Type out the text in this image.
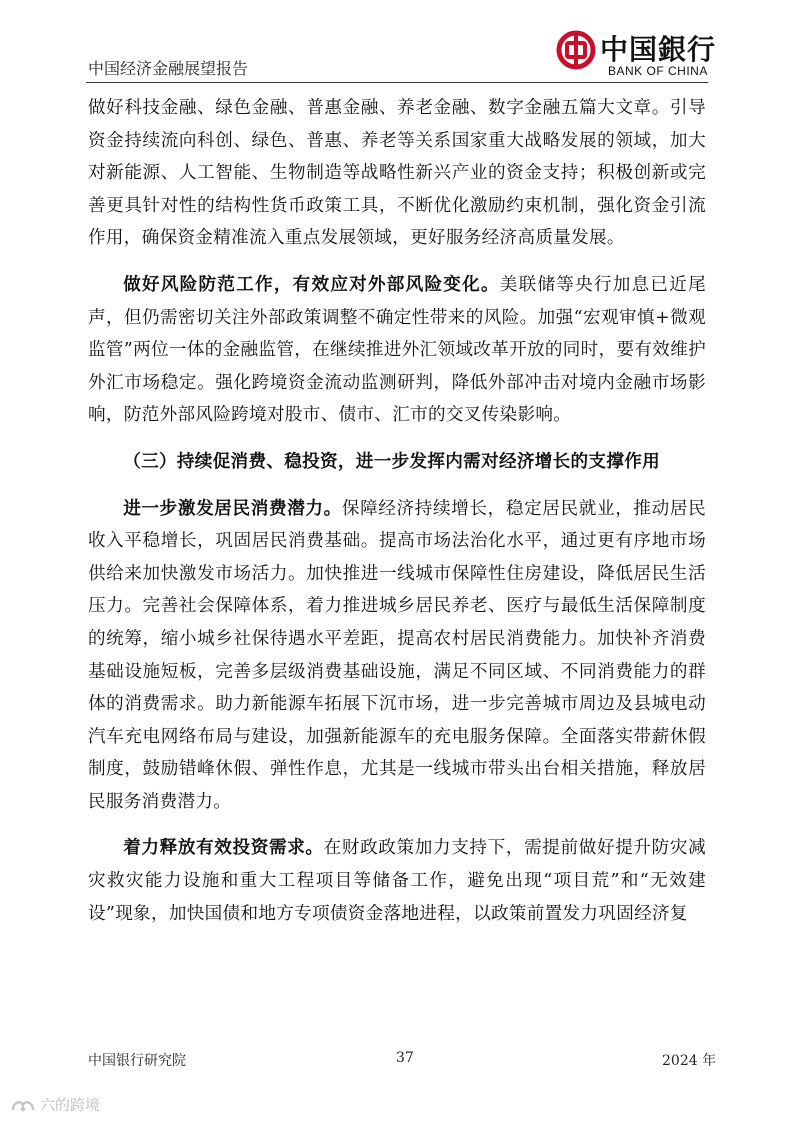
中国经济金融展望报告
中国銀行
BANK OF CHINA

做好科技金融、绿色金融、普惠金融、养老金融、数字金融五篇大文章。引导资金持续流向科创、绿色、普惠、养老等关系国家重大战略发展的领域，加大对新能源、人工智能、生物制造等战略性新兴产业的资金支持；积极创新或完善更具针对性的结构性货币政策工具，不断优化激励约束机制，强化资金引流作用，确保资金精准流入重点发展领域，更好服务经济高质量发展。

做好风险防范工作，有效应对外部风险变化。美联储等央行加息已近尾声，但仍需密切关注外部政策调整不确定性带来的风险。加强“宏观审慎+微观监管”两位一体的金融监管，在继续推进外汇领域改革开放的同时，要有效维护外汇市场稳定。强化跨境资金流动监测研判，降低外部冲击对境内金融市场影响，防范外部风险跨境对股市、债市、汇市的交叉传染影响。

（三）持续促消费、稳投资，进一步发挥内需对经济增长的支撑作用

进一步激发居民消费潜力。保障经济持续增长，稳定居民就业，推动居民收入平稳增长，巩固居民消费基础。提高市场法治化水平，通过更有序地市场供给来加快激发市场活力。加快推进一线城市保障性住房建设，降低居民生活压力。完善社会保障体系，着力推进城乡居民养老、医疗与最低生活保障制度的统筹，缩小城乡社保待遇水平差距，提高农村居民消费能力。加快补齐消费基础设施短板，完善多层级消费基础设施，满足不同区域、不同消费能力的群体的消费需求。助力新能源车拓展下沉市场，进一步完善城市周边及县城电动汽车充电网络布局与建设，加强新能源车的充电服务保障。全面落实带薪休假制度，鼓励错峰休假、弹性作息，尤其是一线城市带头出台相关措施，释放居民服务消费潜力。

着力释放有效投资需求。在财政政策加力支持下，需提前做好提升防灾减灾救灾能力设施和重大工程项目等储备工作，避免出现“项目荒”和“无效建设”现象，加快国债和地方专项债资金落地进程，以政策前置发力巩固经济复

中国银行研究院	37	2024 年
六的跨境
